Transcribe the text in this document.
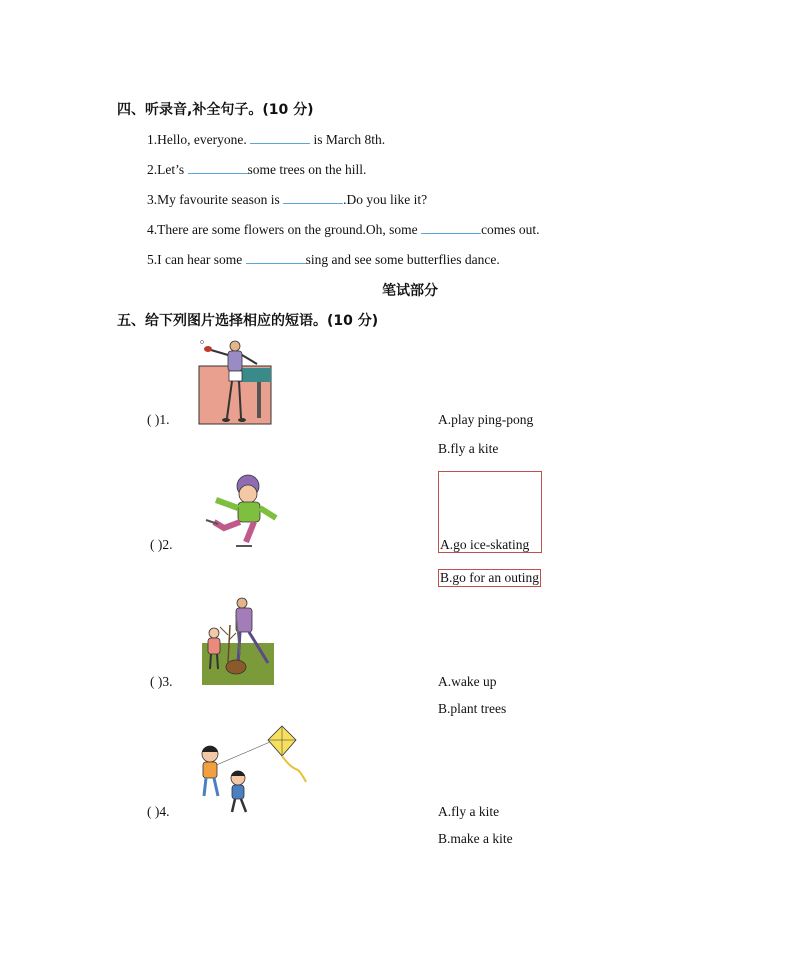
四、听录音,补全句子。(10 分)
1.Hello, everyone.	is March 8th.
2.Let’s	some trees on the hill.
3.My favourite season is	.Do you like it?
4.There are some flowers on the ground.Oh, some	comes out.
5.I can hear some	sing and see some butterflies dance.
笔试部分
五、给下列图片选择相应的短语。(10 分)
( )1.	A.play ping-pong
B.fly a kite
( )2.	A.go ice-skating
B.go for an outing
( )3.	A.wake up
B.plant trees
( )4.	A.fly a kite
B.make a kite
